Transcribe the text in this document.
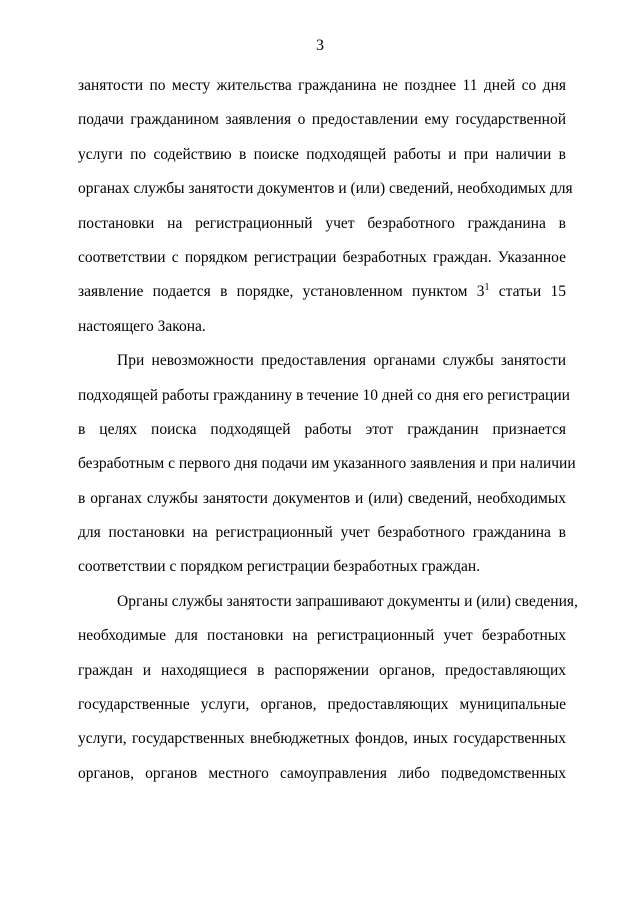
3
занятости по месту жительства гражданина не позднее 11 дней со дня
подачи гражданином заявления о предоставлении ему государственной
услуги по содействию в поиске подходящей работы и при наличии в
органах службы занятости документов и (или) сведений, необходимых для
постановки на регистрационный учет безработного гражданина в
соответствии с порядком регистрации безработных граждан. Указанное
заявление подается в порядке, установленном пунктом $3^1$ статьи 15
настоящего Закона.
При невозможности предоставления органами службы занятости
подходящей работы гражданину в течение 10 дней со дня его регистрации
в целях поиска подходящей работы этот гражданин признается
безработным с первого дня подачи им указанного заявления и при наличии
в органах службы занятости документов и (или) сведений, необходимых
для постановки на регистрационный учет безработного гражданина в
соответствии с порядком регистрации безработных граждан.
Органы службы занятости запрашивают документы и (или) сведения,
необходимые для постановки на регистрационный учет безработных
граждан и находящиеся в распоряжении органов, предоставляющих
государственные услуги, органов, предоставляющих муниципальные
услуги, государственных внебюджетных фондов, иных государственных
органов, органов местного самоуправления либо подведомственных
